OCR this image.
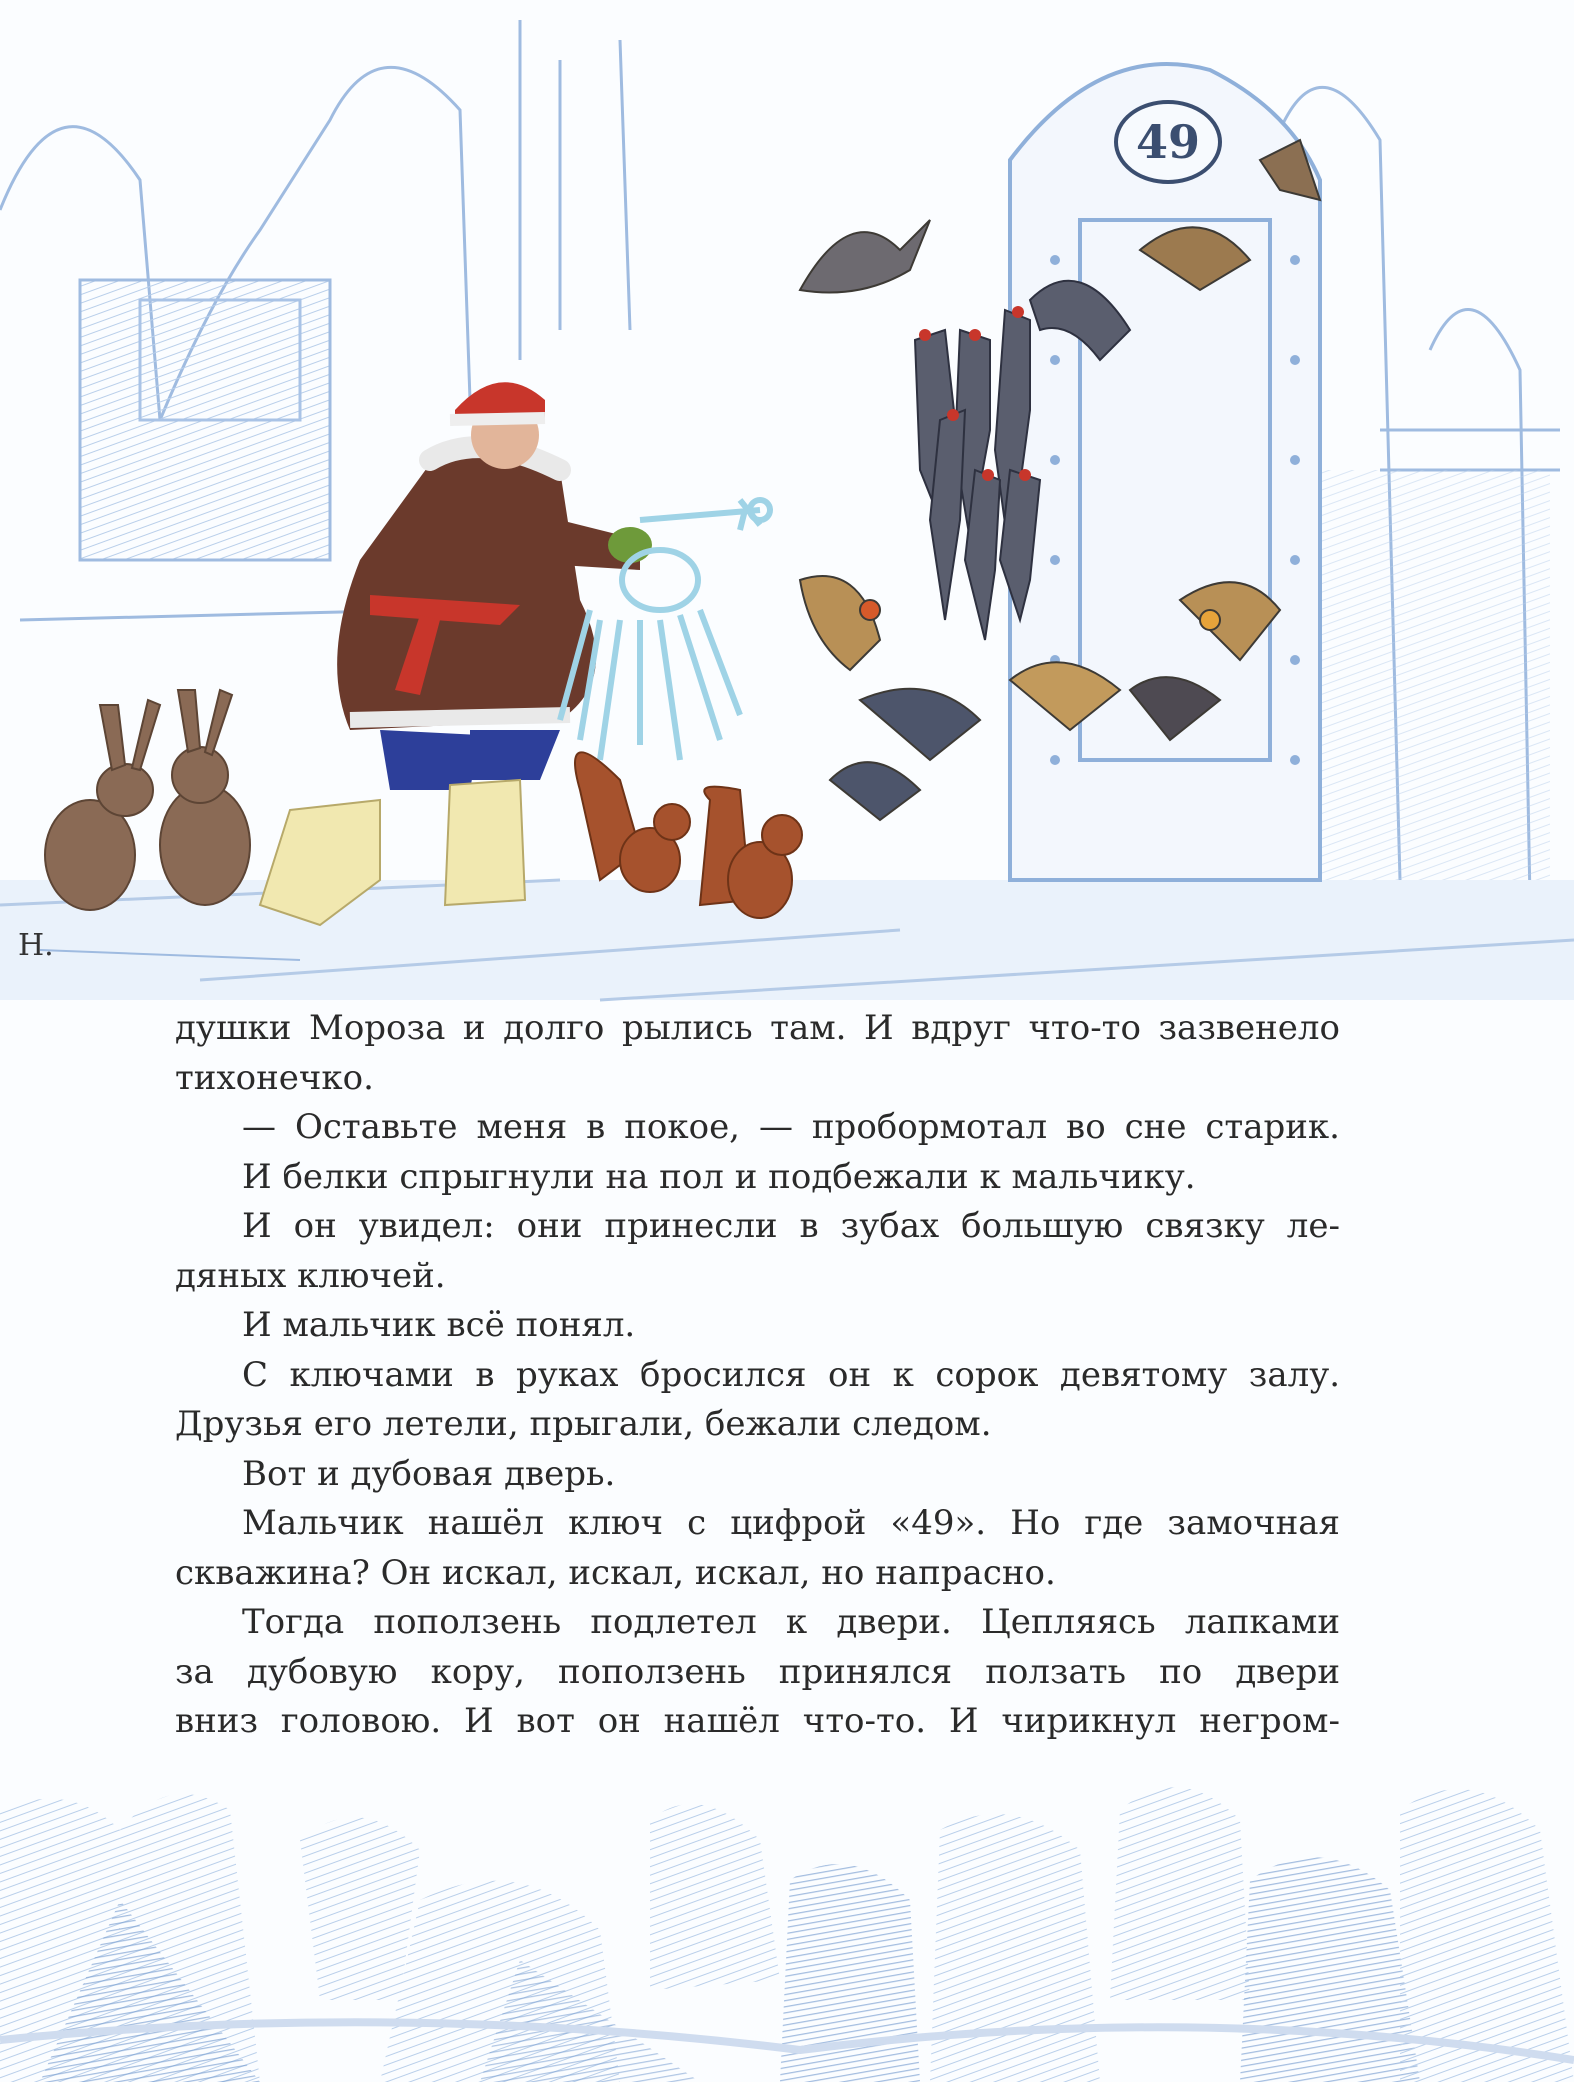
49
Н.

душки Мороза и долго рылись там. И вдруг что-то зазвенело

тихонечко.

— Оставьте меня в покое, — пробормотал во сне старик.

И белки спрыгнули на пол и подбежали к мальчику.

И он увидел: они принесли в зубах большую связку ле-

дяных ключей.

И мальчик всё понял.

С ключами в руках бросился он к сорок девятому залу.

Друзья его летели, прыгали, бежали следом.

Вот и дубовая дверь.

Мальчик нашёл ключ с цифрой «49». Но где замочная

скважина? Он искал, искал, искал, но напрасно.

Тогда поползень подлетел к двери. Цепляясь лапками

за дубовую кору, поползень принялся ползать по двери

вниз головою. И вот он нашёл что-то. И чирикнул негром-
